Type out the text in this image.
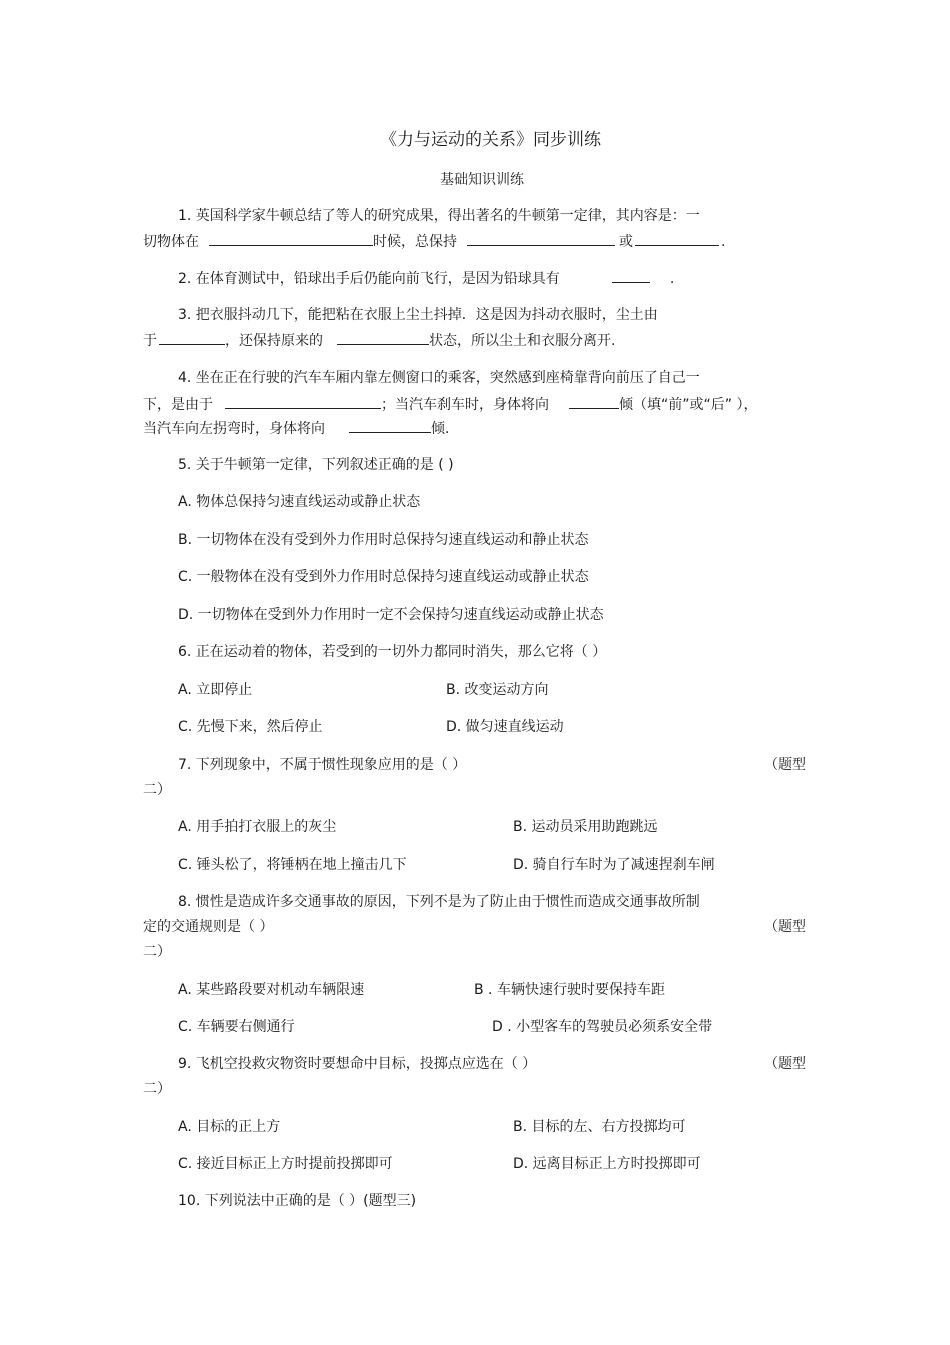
《力与运动的关系》同步训练
基础知识训练
1. 英国科学家牛顿总结了等人的研究成果，得出著名的牛顿第一定律，其内容是：一
切物体在	时候，总保持	或	.
2. 在体育测试中，铅球出手后仍能向前飞行，是因为铅球具有	.
3. 把衣服抖动几下，能把粘在衣服上尘土抖掉．这是因为抖动衣服时，尘土由
于	，还保持原来的	状态，所以尘土和衣服分离开.
4. 坐在正在行驶的汽车车厢内靠左侧窗口的乘客，突然感到座椅靠背向前压了自己一
下，是由于	；当汽车刹车时，身体将向	倾（填“前”或“后” ），
当汽车向左拐弯时，身体将向	倾.
5. 关于牛顿第一定律，下列叙述正确的是 ( )
A. 物体总保持匀速直线运动或静止状态
B. 一切物体在没有受到外力作用时总保持匀速直线运动和静止状态
C. 一般物体在没有受到外力作用时总保持匀速直线运动或静止状态
D. 一切物体在受到外力作用时一定不会保持匀速直线运动或静止状态
6. 正在运动着的物体，若受到的一切外力都同时消失，那么它将（ ）
A. 立即停止	B. 改变运动方向
C. 先慢下来，然后停止	D. 做匀速直线运动
7. 下列现象中，不属于惯性现象应用的是（ ）	（题型
二）
A. 用手拍打衣服上的灰尘	B. 运动员采用助跑跳远
C. 锤头松了，将锤柄在地上撞击几下	D. 骑自行车时为了减速捏刹车闸
8. 惯性是造成许多交通事故的原因，下列不是为了防止由于惯性而造成交通事故所制
定的交通规则是（ ）	（题型
二）
A. 某些路段要对机动车辆限速	B . 车辆快速行驶时要保持车距
C. 车辆要右侧通行	D . 小型客车的驾驶员必须系安全带
9. 飞机空投救灾物资时要想命中目标，投掷点应选在（ ）	（题型
二）
A. 目标的正上方	B. 目标的左、右方投掷均可
C. 接近目标正上方时提前投掷即可	D. 远离目标正上方时投掷即可
10. 下列说法中正确的是（ ）(题型三)
